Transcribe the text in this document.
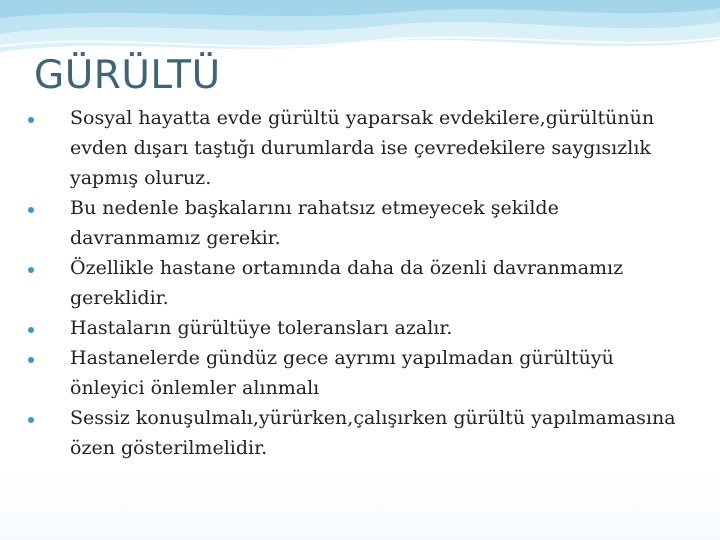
GÜRÜLTÜ
Sosyal hayatta evde gürültü yaparsak evdekilere,gürültünün evden dışarı taştığı durumlarda ise çevredekilere saygısızlık yapmış oluruz.
Bu nedenle başkalarını rahatsız etmeyecek şekilde davranmamız gerekir.
Özellikle hastane ortamında daha da özenli davranmamız gereklidir.
Hastaların gürültüye toleransları azalır.
Hastanelerde gündüz gece ayrımı yapılmadan gürültüyü önleyici önlemler alınmalı
Sessiz konuşulmalı,yürürken,çalışırken gürültü yapılmamasına özen gösterilmelidir.
